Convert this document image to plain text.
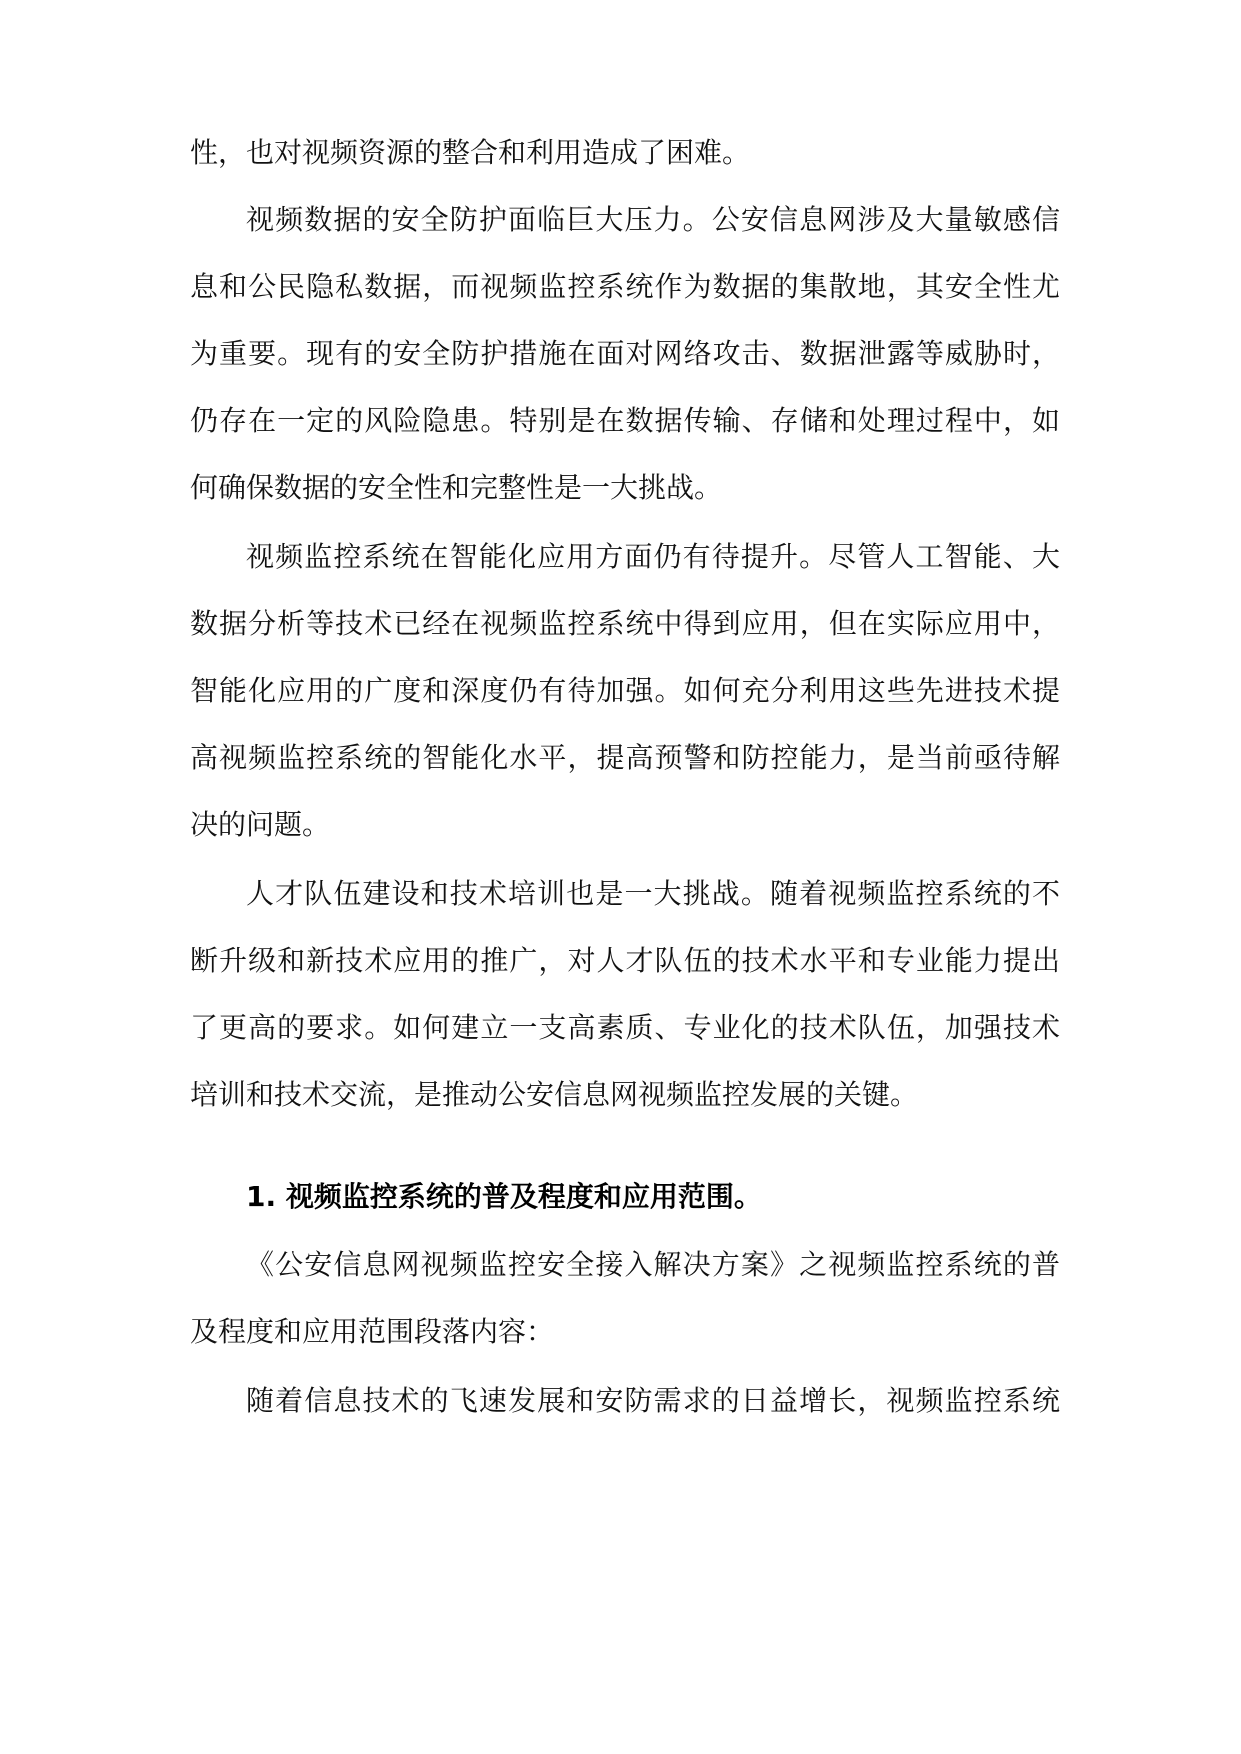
性，也对视频资源的整合和利用造成了困难。
视频数据的安全防护面临巨大压力。公安信息网涉及大量敏感信
息和公民隐私数据，而视频监控系统作为数据的集散地，其安全性尤
为重要。现有的安全防护措施在面对网络攻击、数据泄露等威胁时，
仍存在一定的风险隐患。特别是在数据传输、存储和处理过程中，如
何确保数据的安全性和完整性是一大挑战。
视频监控系统在智能化应用方面仍有待提升。尽管人工智能、大
数据分析等技术已经在视频监控系统中得到应用，但在实际应用中，
智能化应用的广度和深度仍有待加强。如何充分利用这些先进技术提
高视频监控系统的智能化水平，提高预警和防控能力，是当前亟待解
决的问题。
人才队伍建设和技术培训也是一大挑战。随着视频监控系统的不
断升级和新技术应用的推广，对人才队伍的技术水平和专业能力提出
了更高的要求。如何建立一支高素质、专业化的技术队伍，加强技术
培训和技术交流，是推动公安信息网视频监控发展的关键。
1. 视频监控系统的普及程度和应用范围。
《公安信息网视频监控安全接入解决方案》之视频监控系统的普
及程度和应用范围段落内容：
随着信息技术的飞速发展和安防需求的日益增长，视频监控系统
